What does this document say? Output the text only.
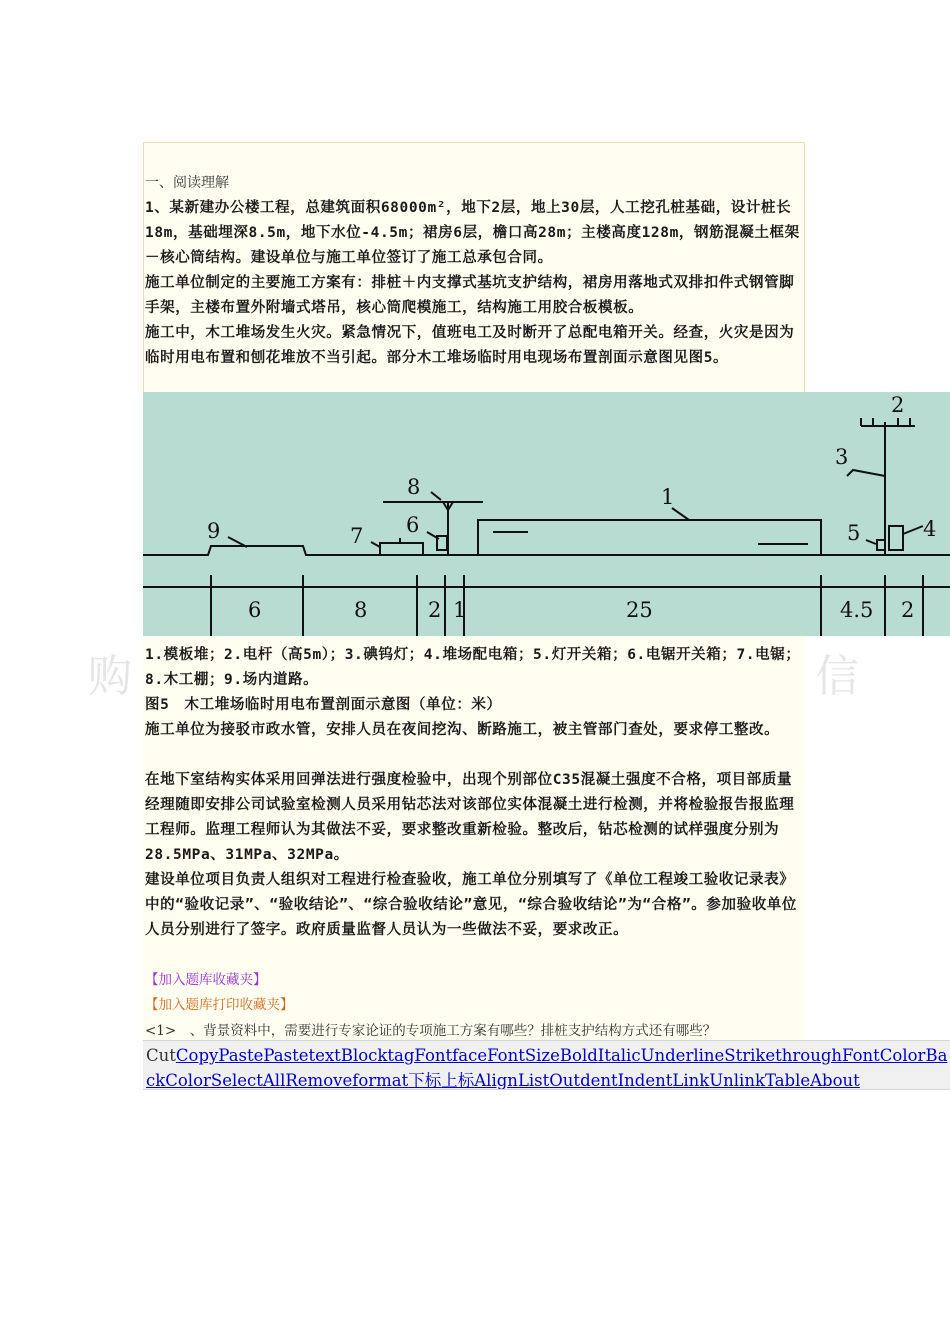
购	信
一、阅读理解

1、某新建办公楼工程，总建筑面积68000m²，地下2层，地上30层，人工挖孔桩基础，设计桩长18m，基础埋深8.5m，地下水位-4.5m；裙房6层，檐口高28m；主楼高度128m，钢筋混凝土框架－核心筒结构。建设单位与施工单位签订了施工总承包合同。

施工单位制定的主要施工方案有：排桩＋内支撑式基坑支护结构，裙房用落地式双排扣件式钢管脚手架，主楼布置外附墙式塔吊，核心筒爬模施工，结构施工用胶合板模板。

施工中，木工堆场发生火灾。紧急情况下，值班电工及时断开了总配电箱开关。经查，火灾是因为临时用电布置和刨花堆放不当引起。部分木工堆场临时用电现场布置剖面示意图见图5。

1
2
3
4
5
6
7
8
9
6	8	2 1	25	4.5 2

1.模板堆；2.电杆（高5m）；3.碘钨灯；4.堆场配电箱；5.灯开关箱；6.电锯开关箱；7.电锯；8.木工棚；9.场内道路。

图5　木工堆场临时用电布置剖面示意图（单位：米）

施工单位为接驳市政水管，安排人员在夜间挖沟、断路施工，被主管部门查处，要求停工整改。

在地下室结构实体采用回弹法进行强度检验中，出现个别部位C35混凝土强度不合格，项目部质量经理随即安排公司试验室检测人员采用钻芯法对该部位实体混凝土进行检测，并将检验报告报监理工程师。监理工程师认为其做法不妥，要求整改重新检验。整改后，钻芯检测的试样强度分别为28.5MPa、31MPa、32MPa。

建设单位项目负责人组织对工程进行检查验收，施工单位分别填写了《单位工程竣工验收记录表》中的“验收记录”、“验收结论”、“综合验收结论”意见，“综合验收结论”为“合格”。参加验收单位人员分别进行了签字。政府质量监督人员认为一些做法不妥，要求改正。

【加入题库收藏夹】
【加入题库打印收藏夹】
<1>　、背景资料中，需要进行专家论证的专项施工方案有哪些？排桩支护结构方式还有哪些？
CutCopyPastePastetextBlocktagFontfaceFontSizeBoldItalicUnderlineStrikethroughFontColorBackColorSelectAllRemoveformat下标上标AlignListOutdentIndentLinkUnlinkTableAbout
